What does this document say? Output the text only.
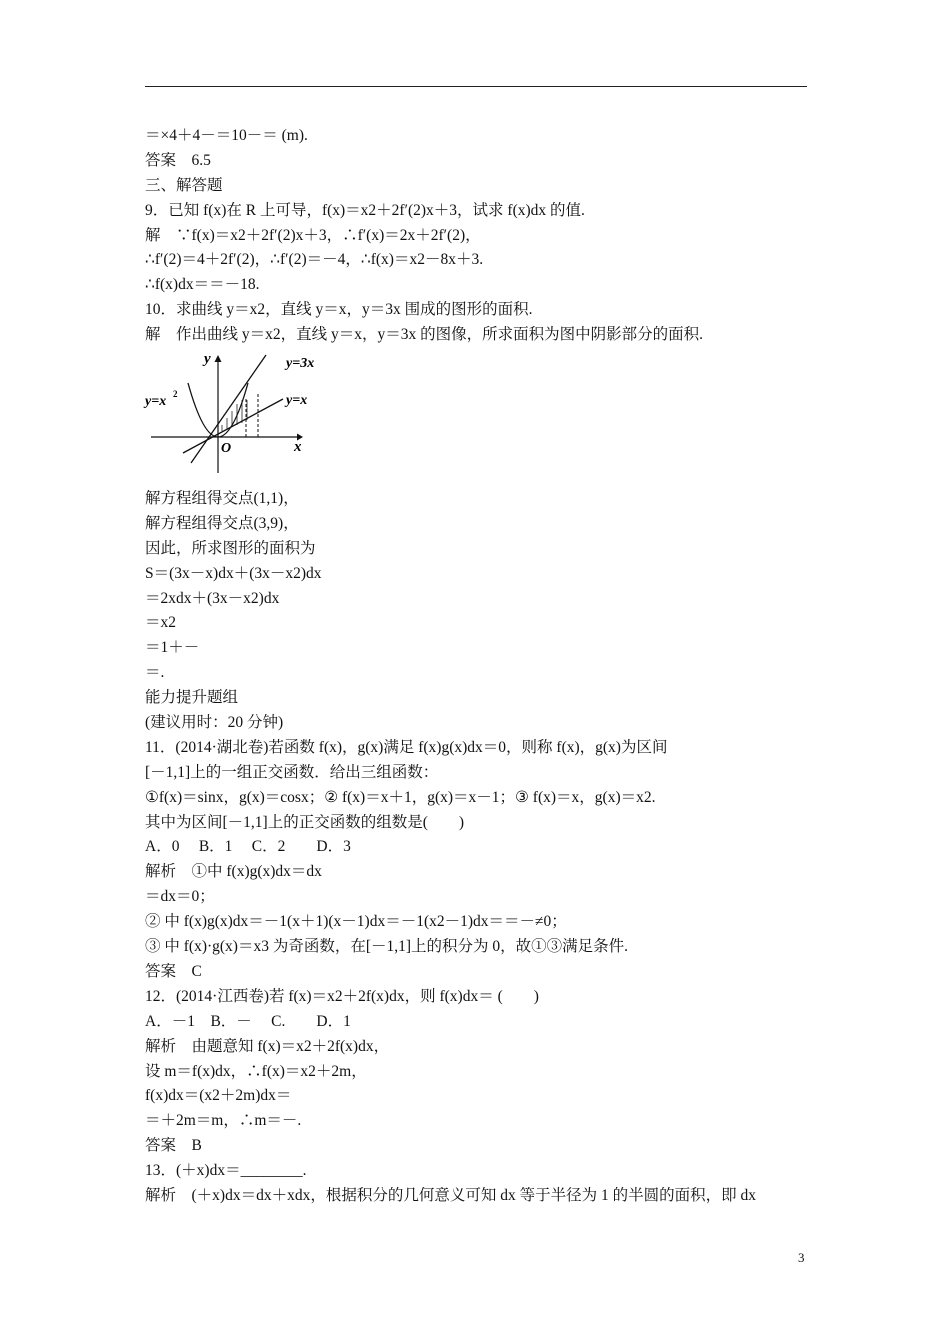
＝×4＋4－＝10－＝ (m).
答案　6.5
三、解答题
9．已知 f(x)在 R 上可导，f(x)＝x2＋2f′(2)x＋3，试求 f(x)dx 的值.
解　∵f(x)＝x2＋2f′(2)x＋3，∴f′(x)＝2x＋2f′(2)，
∴f′(2)＝4＋2f′(2)，∴f′(2)＝－4，∴f(x)＝x2－8x＋3.
∴f(x)dx＝＝－18.
10．求曲线 y＝x2，直线 y＝x，y＝3x 围成的图形的面积.
解　作出曲线 y＝x2，直线 y＝x，y＝3x 的图像，所求面积为图中阴影部分的面积.
y
x
O
y=3x
y=x
y=x 2
解方程组得交点(1,1)，
解方程组得交点(3,9)，
因此，所求图形的面积为
S＝(3x－x)dx＋(3x－x2)dx
＝2xdx＋(3x－x2)dx
＝x2
＝1＋－
＝.
能力提升题组
(建议用时：20 分钟)
11．(2014·湖北卷)若函数 f(x)，g(x)满足 f(x)g(x)dx＝0，则称 f(x)，g(x)为区间
[－1,1]上的一组正交函数．给出三组函数：
①f(x)＝sinx，g(x)＝cosx；② f(x)＝x＋1，g(x)＝x－1；③ f(x)＝x，g(x)＝x2.
其中为区间[－1,1]上的正交函数的组数是(　　)
A．0　 B．1　 C．2　　D．3
解析　①中 f(x)g(x)dx＝dx
＝dx＝0；
② 中 f(x)g(x)dx＝－1(x＋1)(x－1)dx＝－1(x2－1)dx＝＝－≠0；
③ 中 f(x)·g(x)＝x3 为奇函数，在[－1,1]上的积分为 0，故①③满足条件.
答案　C
12．(2014·江西卷)若 f(x)＝x2＋2f(x)dx，则 f(x)dx＝ (　　)
A．－1　B．－　 C.　　D．1
解析　由题意知 f(x)＝x2＋2f(x)dx，
设 m＝f(x)dx，∴f(x)＝x2＋2m，
f(x)dx＝(x2＋2m)dx＝
＝＋2m＝m，∴m＝－.
答案　B
13．(＋x)dx＝________.
解析　(＋x)dx＝dx＋xdx，根据积分的几何意义可知 dx 等于半径为 1 的半圆的面积，即 dx
3
